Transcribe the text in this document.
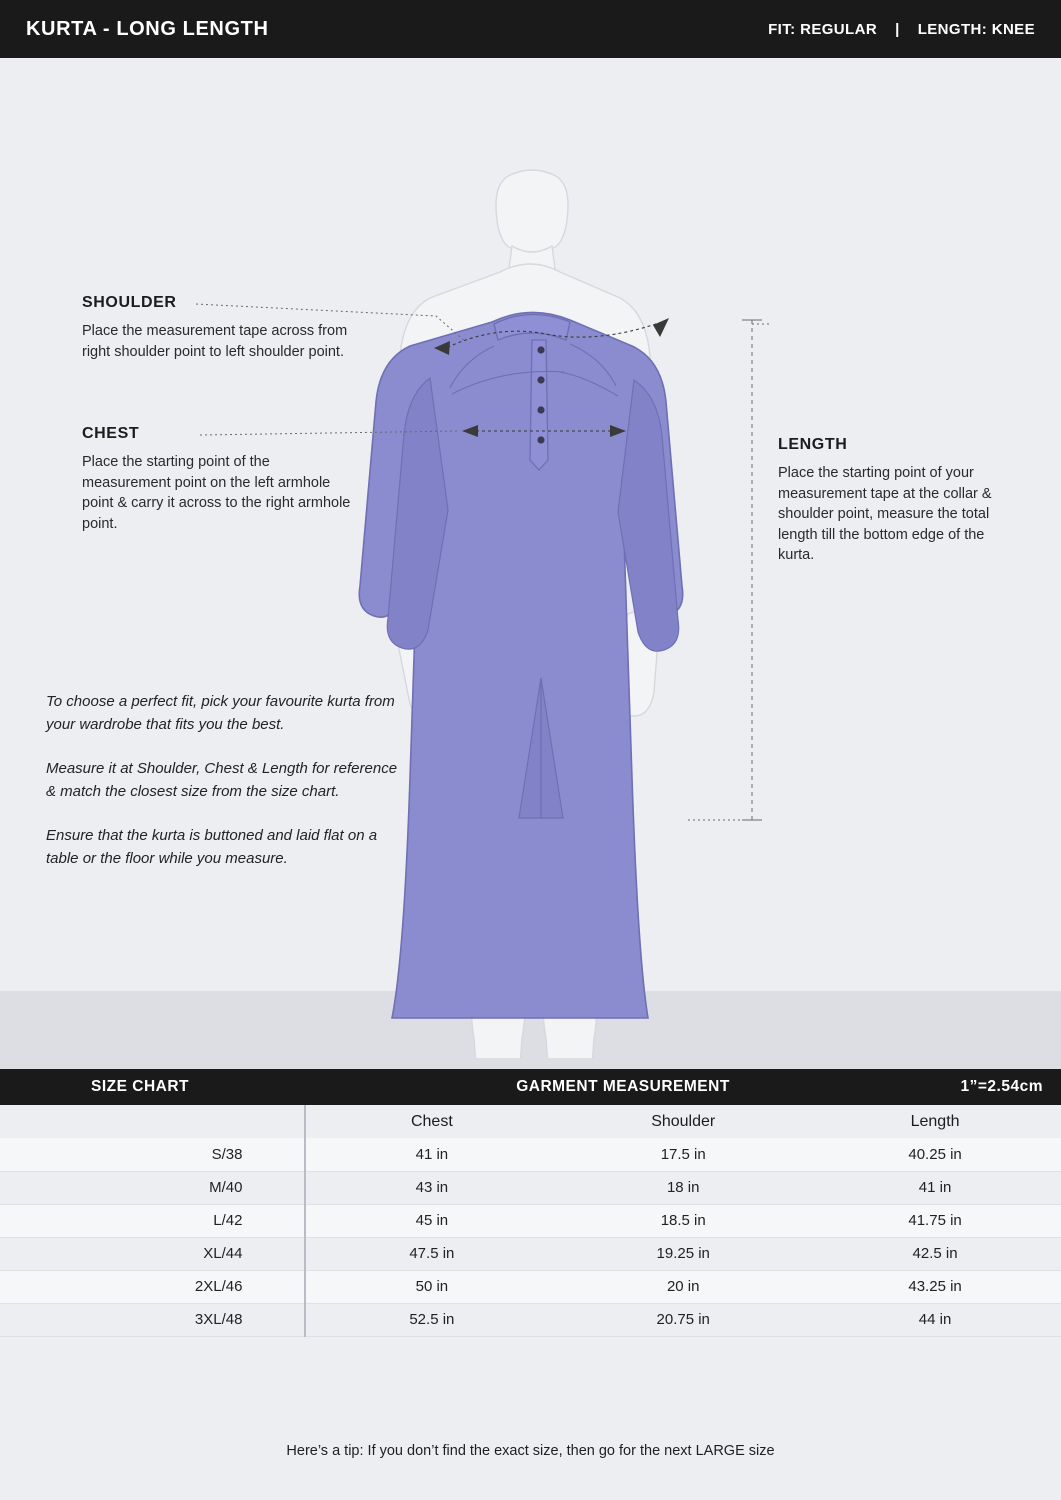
KURTA - LONG LENGTH	FIT: REGULAR | LENGTH: KNEE
SHOULDER
Place the measurement tape across from right shoulder point to left shoulder point.
CHEST
Place the starting point of the measurement point on the left armhole point & carry it across to the right armhole point.
LENGTH
Place the starting point of your measurement tape at the collar & shoulder point, measure the total length till the bottom edge of the kurta.

To choose a perfect fit, pick your favourite kurta from your wardrobe that fits you the best.

Measure it at Shoulder, Chest & Length for reference & match the closest size from the size chart.

Ensure that the kurta is buttoned and laid flat on a table or the floor while you measure.

SIZE CHART	GARMENT MEASUREMENT	1”=2.54cm
	Chest	Shoulder	Length
S/38	41 in	17.5 in	40.25 in
M/40	43 in	18 in	41 in
L/42	45 in	18.5 in	41.75 in
XL/44	47.5 in	19.25 in	42.5 in
2XL/46	50 in	20 in	43.25 in
3XL/48	52.5 in	20.75 in	44 in
Here’s a tip: If you don’t find the exact size, then go for the next LARGE size
